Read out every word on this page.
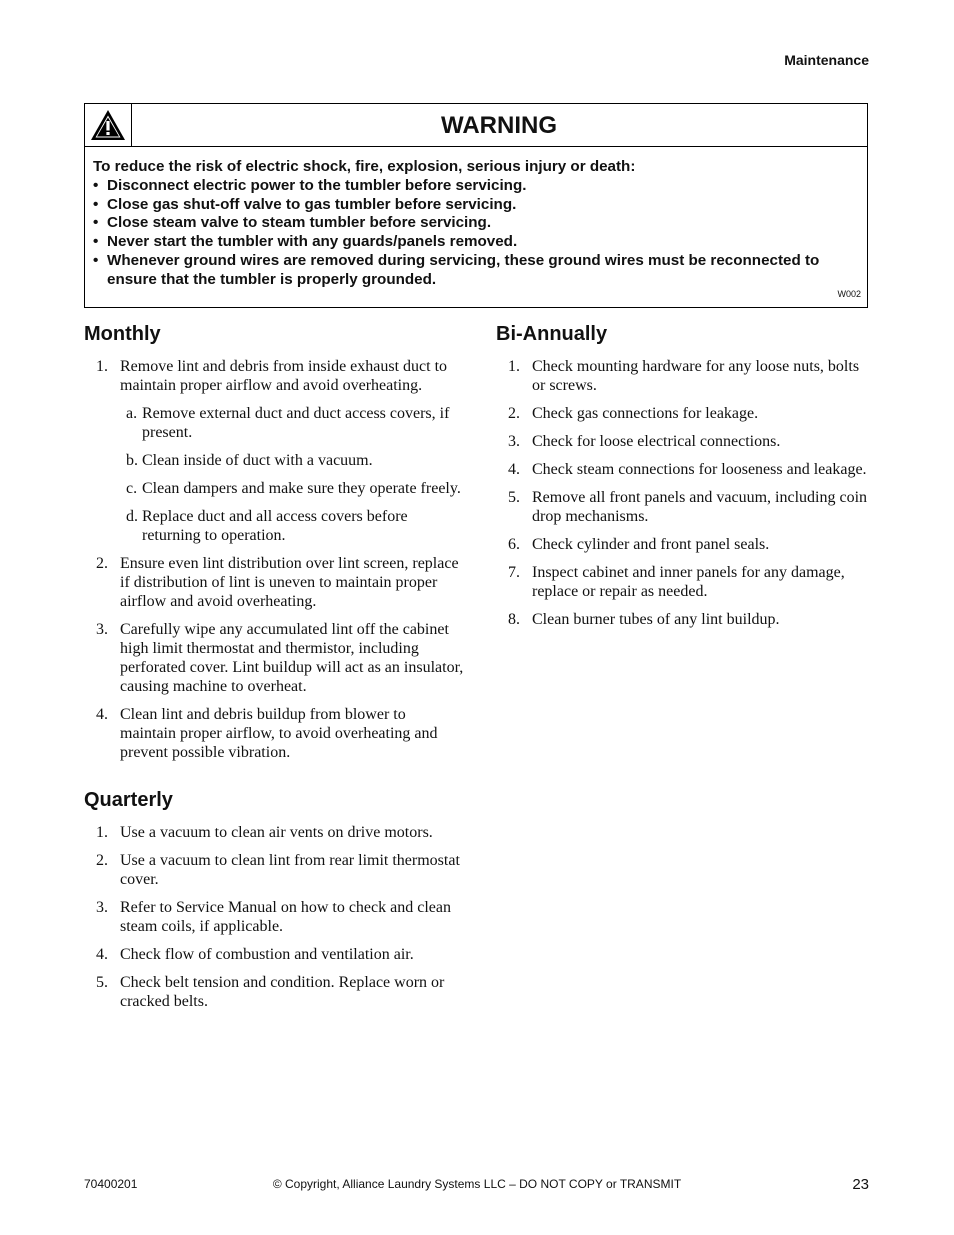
Maintenance
WARNING
To reduce the risk of electric shock, fire, explosion, serious injury or death:
• Disconnect electric power to the tumbler before servicing.
• Close gas shut-off valve to gas tumbler before servicing.
• Close steam valve to steam tumbler before servicing.
• Never start the tumbler with any guards/panels removed.
• Whenever ground wires are removed during servicing, these ground wires must be reconnected to ensure that the tumbler is properly grounded.
W002
Monthly
1. Remove lint and debris from inside exhaust duct to maintain proper airflow and avoid overheating.
a. Remove external duct and duct access covers, if present.
b. Clean inside of duct with a vacuum.
c. Clean dampers and make sure they operate freely.
d. Replace duct and all access covers before returning to operation.
2. Ensure even lint distribution over lint screen, replace if distribution of lint is uneven to maintain proper airflow and avoid overheating.
3. Carefully wipe any accumulated lint off the cabinet high limit thermostat and thermistor, including perforated cover. Lint buildup will act as an insulator, causing machine to overheat.
4. Clean lint and debris buildup from blower to maintain proper airflow, to avoid overheating and prevent possible vibration.
Quarterly
1. Use a vacuum to clean air vents on drive motors.
2. Use a vacuum to clean lint from rear limit thermostat cover.
3. Refer to Service Manual on how to check and clean steam coils, if applicable.
4. Check flow of combustion and ventilation air.
5. Check belt tension and condition. Replace worn or cracked belts.
Bi-Annually
1. Check mounting hardware for any loose nuts, bolts or screws.
2. Check gas connections for leakage.
3. Check for loose electrical connections.
4. Check steam connections for looseness and leakage.
5. Remove all front panels and vacuum, including coin drop mechanisms.
6. Check cylinder and front panel seals.
7. Inspect cabinet and inner panels for any damage, replace or repair as needed.
8. Clean burner tubes of any lint buildup.
70400201	© Copyright, Alliance Laundry Systems LLC – DO NOT COPY or TRANSMIT	23
